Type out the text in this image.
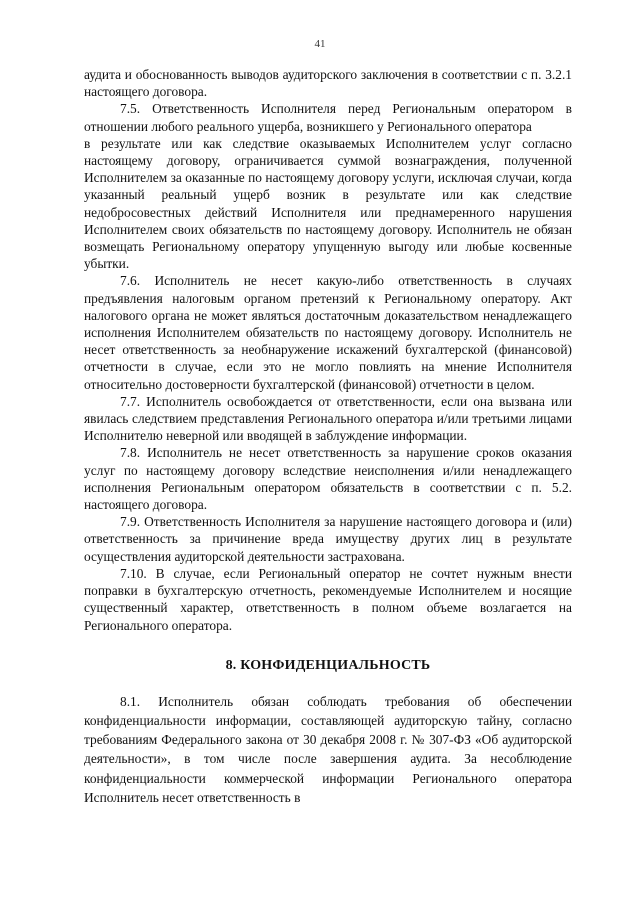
41

аудита и обоснованность выводов аудиторского заключения в соответствии с п. 3.2.1 настоящего договора.

7.5. Ответственность Исполнителя перед Региональным оператором в отношении любого реального ущерба, возникшего у Регионального оператора

в результате или как следствие оказываемых Исполнителем услуг согласно настоящему договору, ограничивается суммой вознаграждения, полученной Исполнителем за оказанные по настоящему договору услуги, исключая случаи, когда указанный реальный ущерб возник в результате или как следствие недобросовестных действий Исполнителя или преднамеренного нарушения Исполнителем своих обязательств по настоящему договору. Исполнитель не обязан возмещать Региональному оператору упущенную выгоду или любые косвенные убытки.

7.6. Исполнитель не несет какую-либо ответственность в случаях предъявления налоговым органом претензий к Региональному оператору. Акт налогового органа не может являться достаточным доказательством ненадлежащего исполнения Исполнителем обязательств по настоящему договору. Исполнитель не несет ответственность за необнаружение искажений бухгалтерской (финансовой) отчетности в случае, если это не могло повлиять на мнение Исполнителя относительно достоверности бухгалтерской (финансовой) отчетности в целом.

7.7. Исполнитель освобождается от ответственности, если она вызвана или явилась следствием представления Регионального оператора и/или третьими лицами Исполнителю неверной или вводящей в заблуждение информации.

7.8. Исполнитель не несет ответственность за нарушение сроков оказания услуг по настоящему договору вследствие неисполнения и/или ненадлежащего исполнения Региональным оператором обязательств в соответствии с п. 5.2. настоящего договора.

7.9. Ответственность Исполнителя за нарушение настоящего договора и (или) ответственность за причинение вреда имуществу других лиц в результате осуществления аудиторской деятельности застрахована.

7.10. В случае, если Региональный оператор не сочтет нужным внести поправки в бухгалтерскую отчетность, рекомендуемые Исполнителем и носящие существенный характер, ответственность в полном объеме возлагается на Регионального оператора.

8. КОНФИДЕНЦИАЛЬНОСТЬ

8.1. Исполнитель обязан соблюдать требования об обеспечении конфиденциальности информации, составляющей аудиторскую тайну, согласно требованиям Федерального закона от 30 декабря 2008 г. № 307-ФЗ «Об аудиторской деятельности», в том числе после завершения аудита. За несоблюдение конфиденциальности коммерческой информации Регионального оператора Исполнитель несет ответственность в
